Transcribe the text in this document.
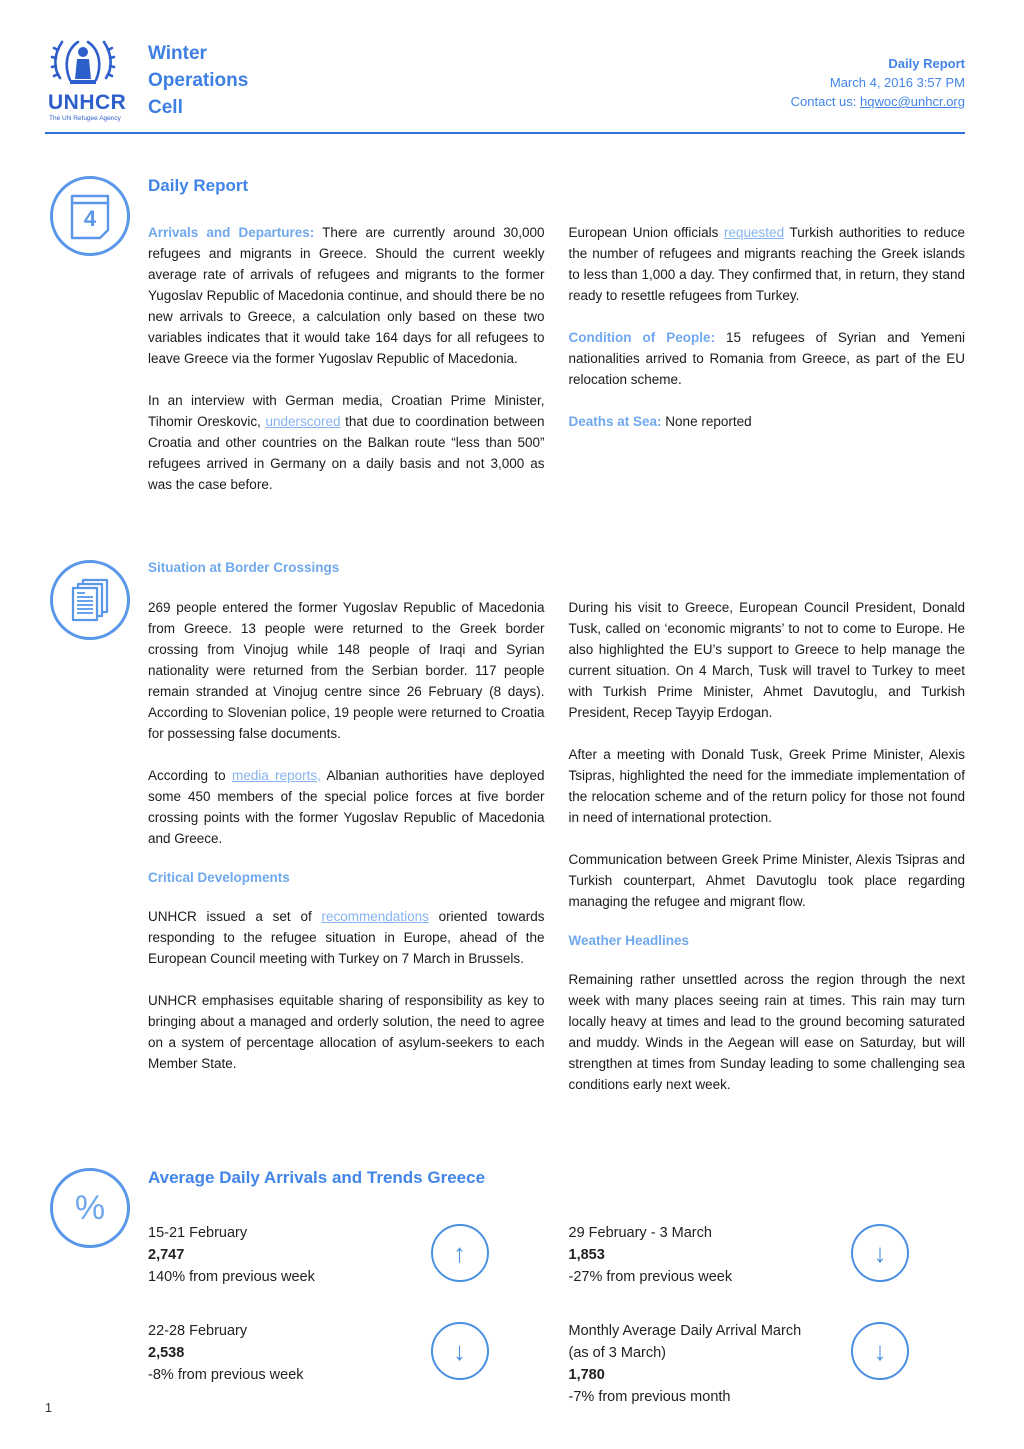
UNHCR
The UN Refugee Agency
Winter
Operations
Cell
Daily Report
March 4, 2016 3:57 PM
Contact us: hqwoc@unhcr.org
4
Daily Report

Arrivals and Departures: There are currently around 30,000 refugees and migrants in Greece. Should the current weekly average rate of arrivals of refugees and migrants to the former Yugoslav Republic of Macedonia continue, and should there be no new arrivals to Greece, a calculation only based on these two variables indicates that it would take 164 days for all refugees to leave Greece via the former Yugoslav Republic of Macedonia.

In an interview with German media, Croatian Prime Minister, Tihomir Oreskovic, underscored that due to coordination between Croatia and other countries on the Balkan route “less than 500” refugees arrived in Germany on a daily basis and not 3,000 as was the case before.

European Union officials requested Turkish authorities to reduce the number of refugees and migrants reaching the Greek islands to less than 1,000 a day. They confirmed that, in return, they stand ready to resettle refugees from Turkey.

Condition of People: 15 refugees of Syrian and Yemeni nationalities arrived to Romania from Greece, as part of the EU relocation scheme.

Deaths at Sea: None reported

Situation at Border Crossings

269 people entered the former Yugoslav Republic of Macedonia from Greece. 13 people were returned to the Greek border crossing from Vinojug while 148 people of Iraqi and Syrian nationality were returned from the Serbian border. 117 people remain stranded at Vinojug centre since 26 February (8 days). According to Slovenian police, 19 people were returned to Croatia for possessing false documents.

According to media reports, Albanian authorities have deployed some 450 members of the special police forces at five border crossing points with the former Yugoslav Republic of Macedonia and Greece.

Critical Developments

UNHCR issued a set of recommendations oriented towards responding to the refugee situation in Europe, ahead of the European Council meeting with Turkey on 7 March in Brussels.

UNHCR emphasises equitable sharing of responsibility as key to bringing about a managed and orderly solution, the need to agree on a system of percentage allocation of asylum-seekers to each Member State.

During his visit to Greece, European Council President, Donald Tusk, called on ‘economic migrants’ to not to come to Europe. He also highlighted the EU’s support to Greece to help manage the current situation. On 4 March, Tusk will travel to Turkey to meet with Turkish Prime Minister, Ahmet Davutoglu, and Turkish President, Recep Tayyip Erdogan.

After a meeting with Donald Tusk, Greek Prime Minister, Alexis Tsipras, highlighted the need for the immediate implementation of the relocation scheme and of the return policy for those not found in need of international protection.

Communication between Greek Prime Minister, Alexis Tsipras and Turkish counterpart, Ahmet Davutoglu took place regarding managing the refugee and migrant flow.

Weather Headlines

Remaining rather unsettled across the region through the next week with many places seeing rain at times. This rain may turn locally heavy at times and lead to the ground becoming saturated and muddy. Winds in the Aegean will ease on Saturday, but will strengthen at times from Sunday leading to some challenging sea conditions early next week.

%
Average Daily Arrivals and Trends Greece
15-21 February
2,747
140% from previous week
↑
29 February - 3 March
1,853
-27% from previous week
↓
22-28 February
2,538
-8% from previous week
↓
Monthly Average Daily Arrival March (as of 3 March)
1,780
-7% from previous month
↓
1
